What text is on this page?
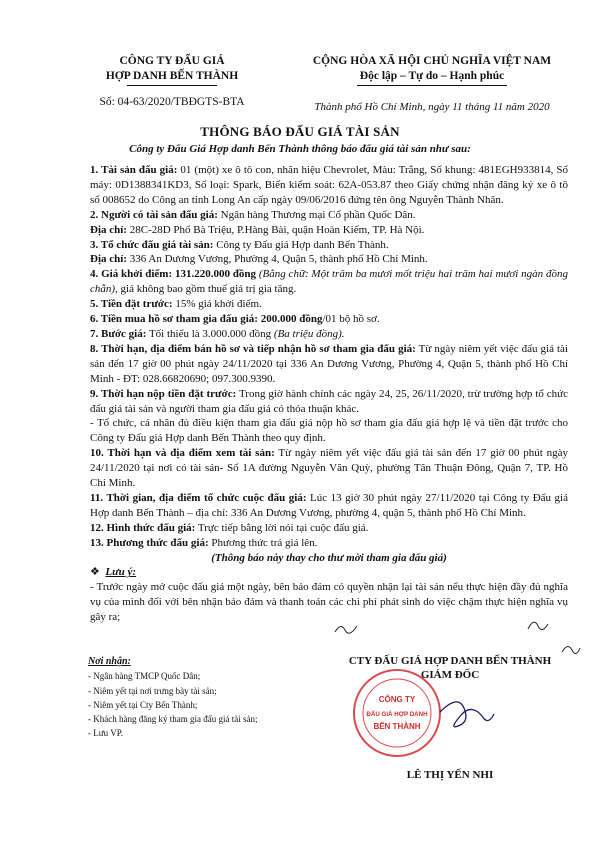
CÔNG TY ĐẤU GIÁ
HỢP DANH BẾN THÀNH
Số: 04-63/2020/TBĐGTS-BTA
CỘNG HÒA XÃ HỘI CHỦ NGHĨA VIỆT NAM
Độc lập – Tự do – Hạnh phúc
Thành phố Hồ Chí Minh, ngày 11 tháng 11 năm 2020
THÔNG BÁO ĐẤU GIÁ TÀI SẢN
Công ty Đấu Giá Hợp danh Bến Thành thông báo đấu giá tài sản như sau:

1. Tài sản đấu giá: 01 (một) xe ô tô con, nhãn hiệu Chevrolet, Màu: Trắng, Số khung: 481EGH933814, Số máy: 0D1388341KD3, Số loại: Spark, Biển kiểm soát: 62A-053.87 theo Giấy chứng nhận đăng ký xe ô tô số 008652 do Công an tỉnh Long An cấp ngày 09/06/2016 đứng tên ông Nguyễn Thành Nhân.

2. Người có tài sản đấu giá: Ngân hàng Thương mại Cổ phần Quốc Dân.

Địa chỉ: 28C-28D Phố Bà Triệu, P.Hàng Bài, quận Hoàn Kiếm, TP. Hà Nội.

3. Tổ chức đấu giá tài sản: Công ty Đấu giá Hợp danh Bến Thành.

Địa chỉ: 336 An Dương Vương, Phường 4, Quận 5, thành phố Hồ Chí Minh.

4. Giá khởi điểm: 131.220.000 đồng (Bằng chữ: Một trăm ba mươi mốt triệu hai trăm hai mươi ngàn đồng chẵn), giá không bao gồm thuế giá trị gia tăng.

5. Tiền đặt trước: 15% giá khởi điểm.

6. Tiền mua hồ sơ tham gia đấu giá: 200.000 đồng/01 bộ hồ sơ.

7. Bước giá: Tối thiểu là 3.000.000 đồng (Ba triệu đồng).

8. Thời hạn, địa điểm bán hồ sơ và tiếp nhận hồ sơ tham gia đấu giá: Từ ngày niêm yết việc đấu giá tài sản đến 17 giờ 00 phút ngày 24/11/2020 tại 336 An Dương Vương, Phường 4, Quận 5, thành phố Hồ Chí Minh - ĐT: 028.66820690; 097.300.9390.

9. Thời hạn nộp tiền đặt trước: Trong giờ hành chính các ngày 24, 25, 26/11/2020, trừ trường hợp tổ chức đấu giá tài sản và người tham gia đấu giá có thỏa thuận khác.

- Tổ chức, cá nhân đủ điều kiện tham gia đấu giá nộp hồ sơ tham gia đấu giá hợp lệ và tiền đặt trước cho Công ty Đấu giá Hợp danh Bến Thành theo quy định.

10. Thời hạn và địa điểm xem tài sản: Từ ngày niêm yết việc đấu giá tài sản đến 17 giờ 00 phút ngày 24/11/2020 tại nơi có tài sản- Số 1A đường Nguyễn Văn Quỳ, phường Tân Thuận Đông, Quận 7, TP. Hồ Chí Minh.

11. Thời gian, địa điểm tổ chức cuộc đấu giá: Lúc 13 giờ 30 phút ngày 27/11/2020 tại Công ty Đấu giá Hợp danh Bến Thành – địa chỉ: 336 An Dương Vương, phường 4, quận 5, thành phố Hồ Chí Minh.

12. Hình thức đấu giá: Trực tiếp bằng lời nói tại cuộc đấu giá.

13. Phương thức đấu giá: Phương thức trả giá lên.

(Thông báo này thay cho thư mời tham gia đấu giá)

❖ Lưu ý:

- Trước ngày mở cuộc đấu giá một ngày, bên bảo đảm có quyền nhận lại tài sản nếu thực hiện đầy đủ nghĩa vụ của mình đối với bên nhận bảo đảm và thanh toán các chi phí phát sinh do việc chậm thực hiện nghĩa vụ gây ra;

Nơi nhận:
- Ngân hàng TMCP Quốc Dân;
- Niêm yết tại nơi trưng bày tài sản;
- Niêm yết tại Cty Bến Thành;
- Khách hàng đăng ký tham gia đấu giá tài sản;
- Lưu VP.
CTY ĐẤU GIÁ HỢP DANH BẾN THÀNH
GIÁM ĐỐC
LÊ THỊ YẾN NHI
CÔNG TY
ĐẤU GIÁ HỢP DANH
BẾN THÀNH
